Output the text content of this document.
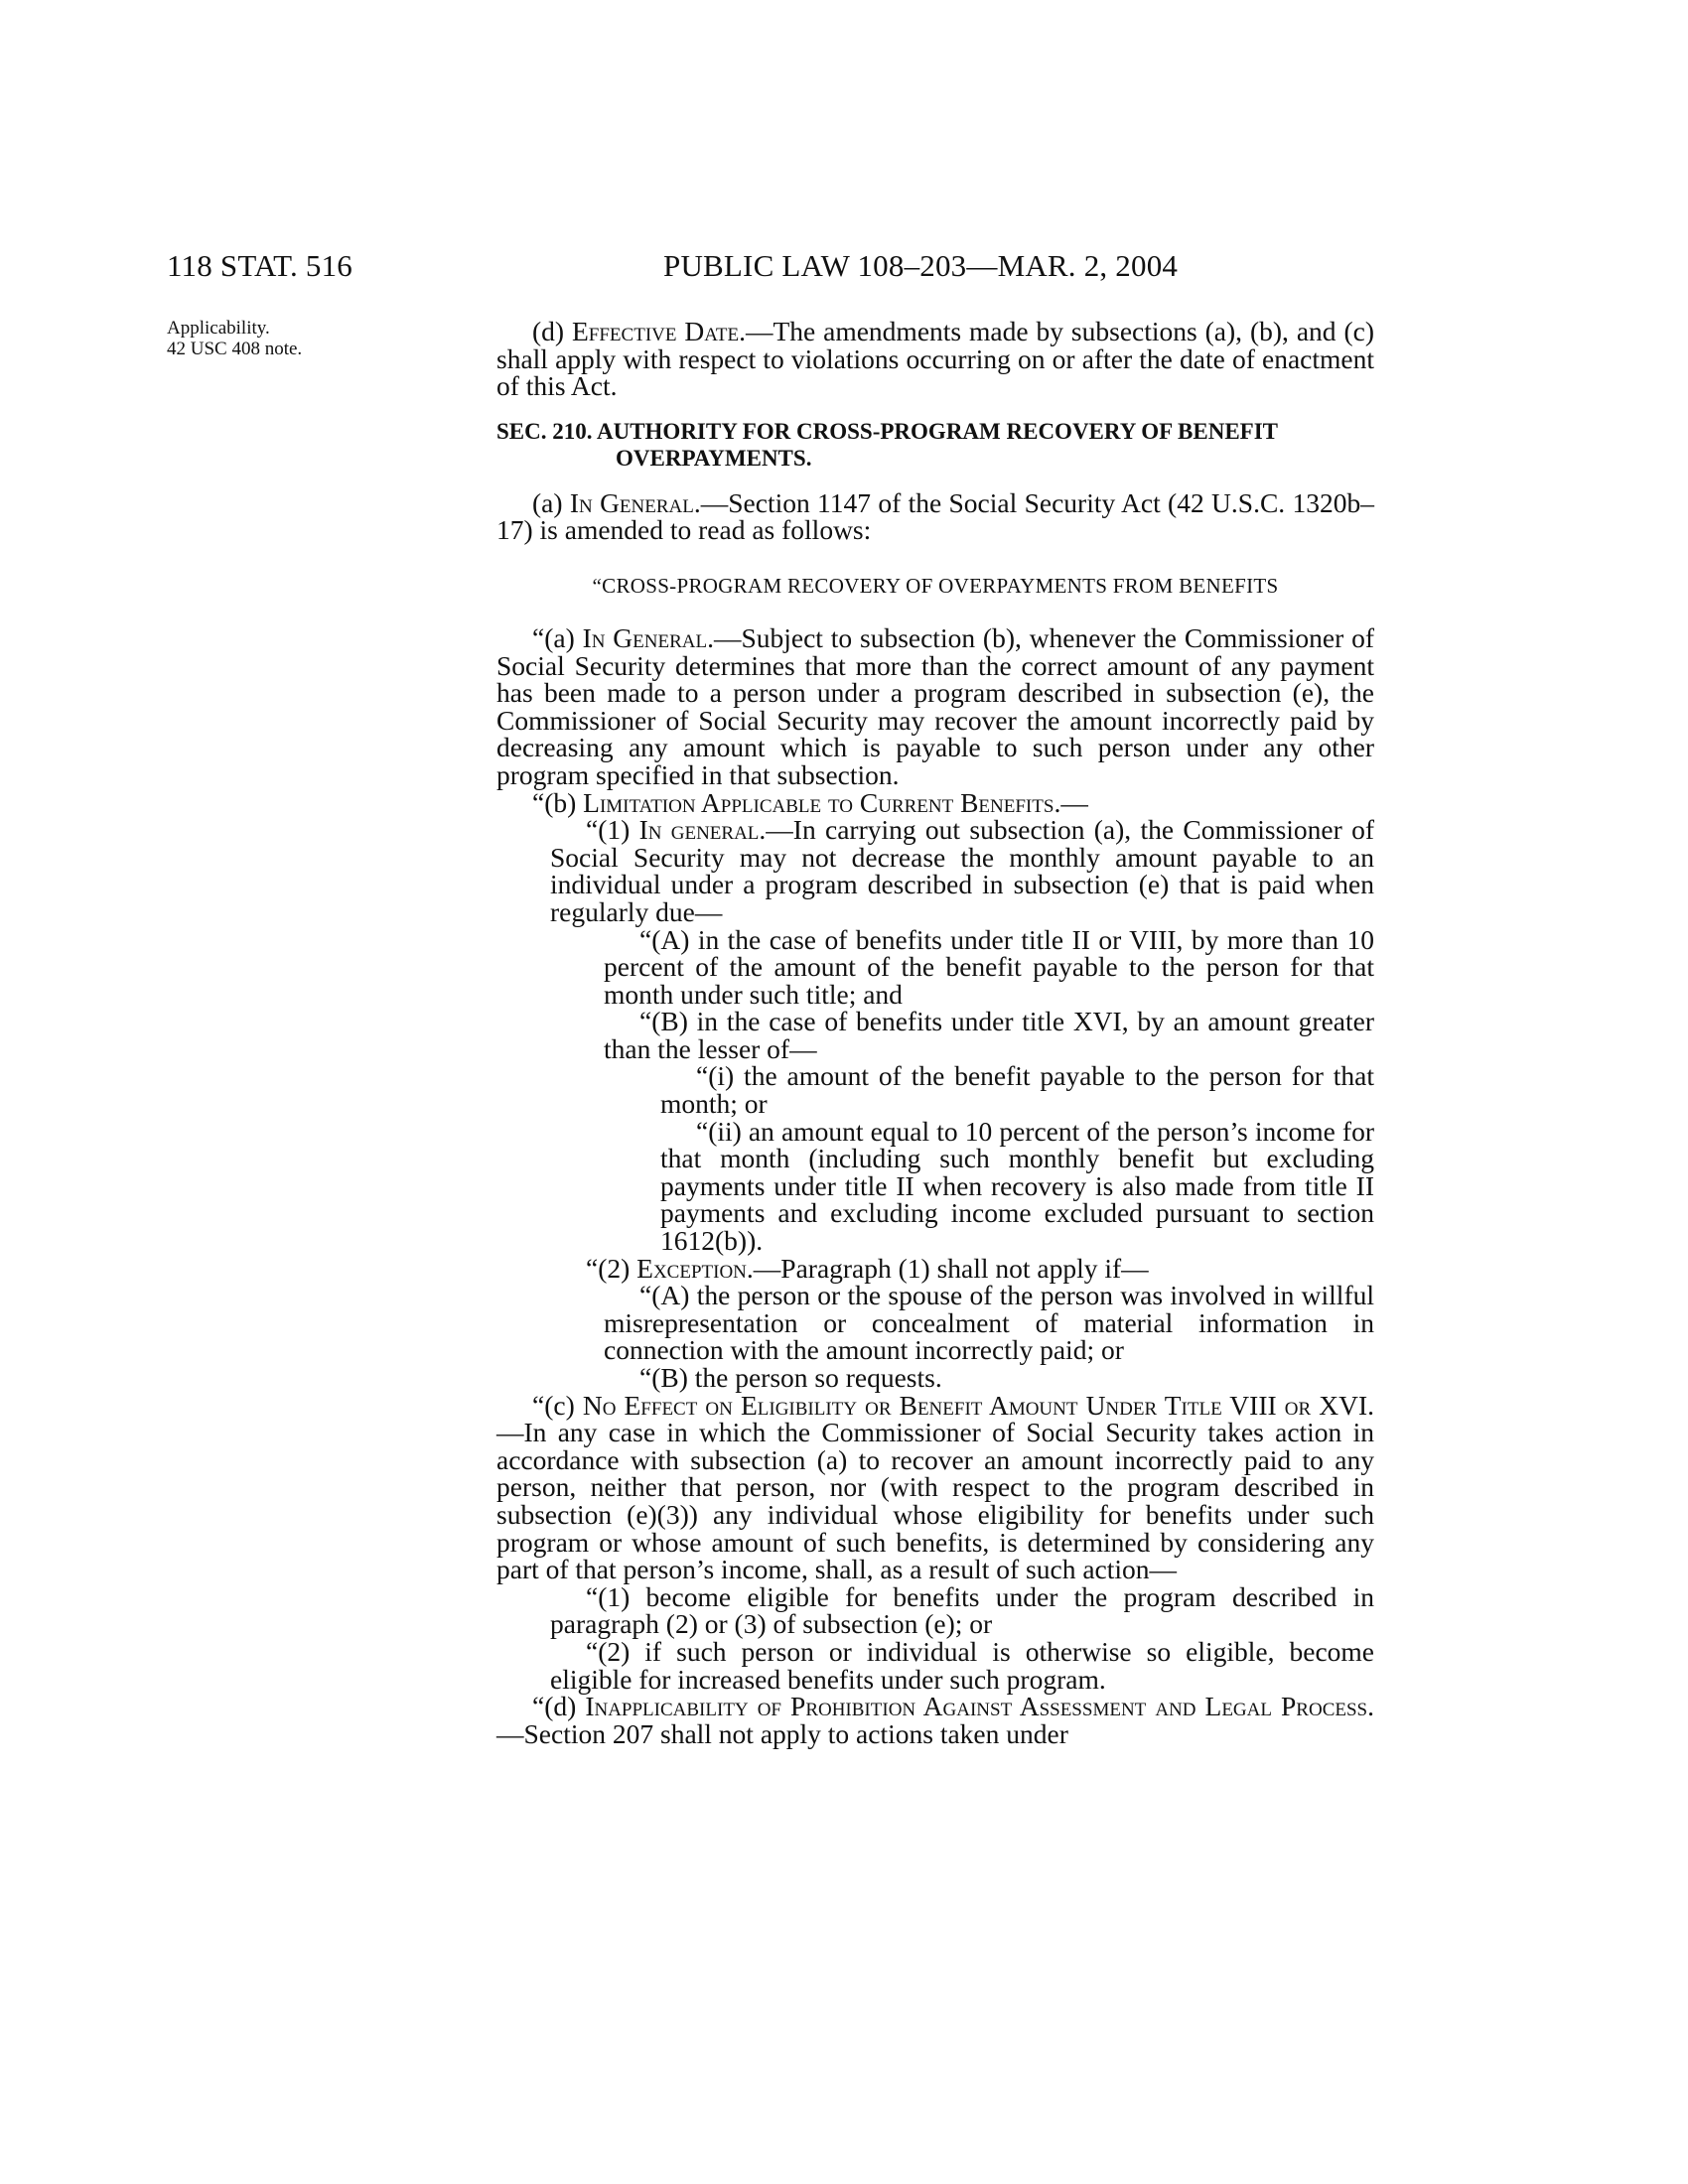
118 STAT. 516	PUBLIC LAW 108–203—MAR. 2, 2004
Applicability.
42 USC 408 note.

(d) Effective Date.—The amendments made by subsections (a), (b), and (c) shall apply with respect to violations occurring on or after the date of enactment of this Act.

SEC. 210. AUTHORITY FOR CROSS-PROGRAM RECOVERY OF BENEFIT
OVERPAYMENTS.

(a) In General.—Section 1147 of the Social Security Act (42 U.S.C. 1320b–17) is amended to read as follows:

“CROSS-PROGRAM RECOVERY OF OVERPAYMENTS FROM BENEFITS

“(a) In General.—Subject to subsection (b), whenever the Commissioner of Social Security determines that more than the correct amount of any payment has been made to a person under a program described in subsection (e), the Commissioner of Social Security may recover the amount incorrectly paid by decreasing any amount which is payable to such person under any other program specified in that subsection.

“(b) Limitation Applicable to Current Benefits.—

“(1) In general.—In carrying out subsection (a), the Commissioner of Social Security may not decrease the monthly amount payable to an individual under a program described in subsection (e) that is paid when regularly due—

“(A) in the case of benefits under title II or VIII, by more than 10 percent of the amount of the benefit payable to the person for that month under such title; and

“(B) in the case of benefits under title XVI, by an amount greater than the lesser of—

“(i) the amount of the benefit payable to the person for that month; or

“(ii) an amount equal to 10 percent of the person’s income for that month (including such monthly benefit but excluding payments under title II when recovery is also made from title II payments and excluding income excluded pursuant to section 1612(b)).

“(2) Exception.—Paragraph (1) shall not apply if—

“(A) the person or the spouse of the person was involved in willful misrepresentation or concealment of material information in connection with the amount incorrectly paid; or

“(B) the person so requests.

“(c) No Effect on Eligibility or Benefit Amount Under Title VIII or XVI.—In any case in which the Commissioner of Social Security takes action in accordance with subsection (a) to recover an amount incorrectly paid to any person, neither that person, nor (with respect to the program described in subsection (e)(3)) any individual whose eligibility for benefits under such program or whose amount of such benefits, is determined by considering any part of that person’s income, shall, as a result of such action—

“(1) become eligible for benefits under the program described in paragraph (2) or (3) of subsection (e); or

“(2) if such person or individual is otherwise so eligible, become eligible for increased benefits under such program.

“(d) Inapplicability of Prohibition Against Assessment and Legal Process.—Section 207 shall not apply to actions taken under
